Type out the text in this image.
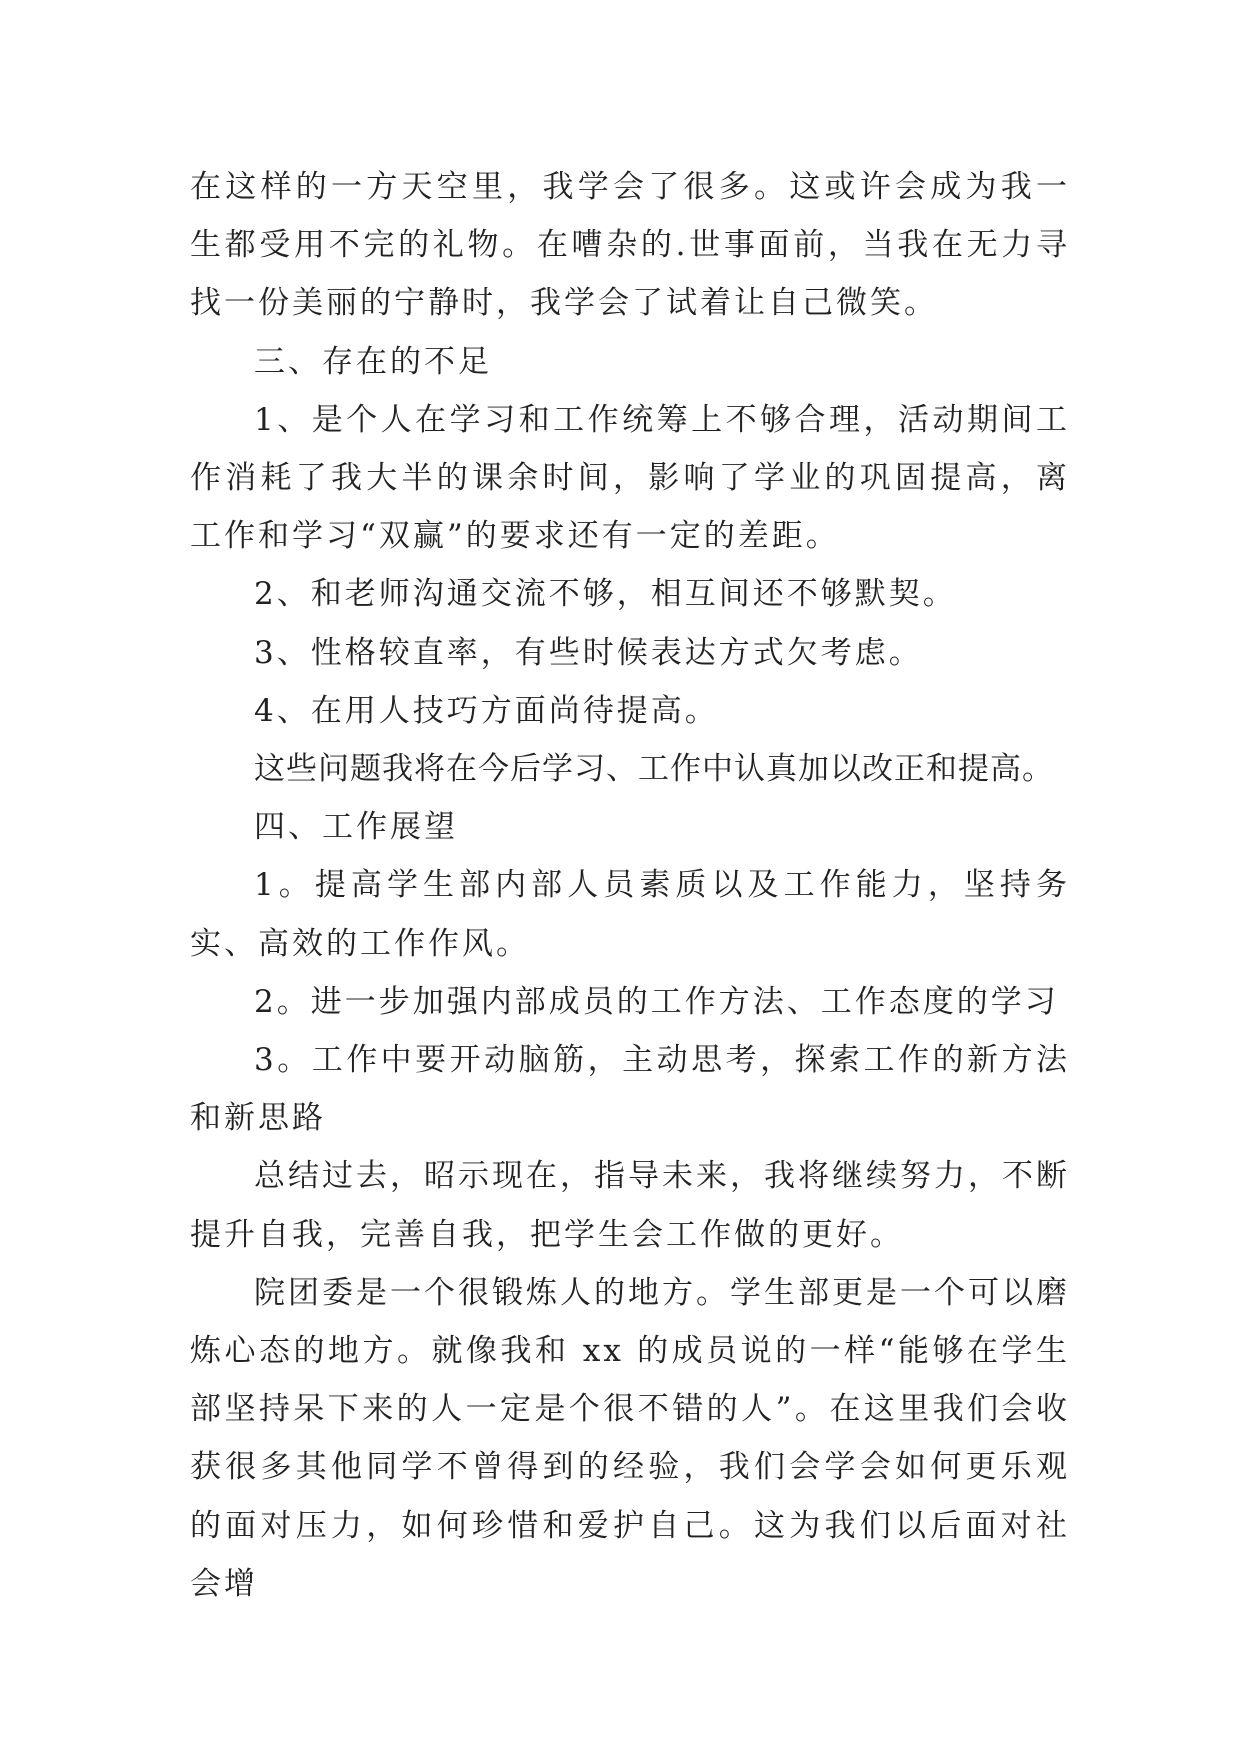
在这样的一方天空里，我学会了很多。这或许会成为我一生都受用不完的礼物。在嘈杂的.世事面前，当我在无力寻找一份美丽的宁静时，我学会了试着让自己微笑。

三、存在的不足

1、是个人在学习和工作统筹上不够合理，活动期间工作消耗了我大半的课余时间，影响了学业的巩固提高，离工作和学习“双赢”的要求还有一定的差距。

2、和老师沟通交流不够，相互间还不够默契。

3、性格较直率，有些时候表达方式欠考虑。

4、在用人技巧方面尚待提高。

这些问题我将在今后学习、工作中认真加以改正和提高。

四、工作展望

1。提高学生部内部人员素质以及工作能力，坚持务实、高效的工作作风。

2。进一步加强内部成员的工作方法、工作态度的学习

3。工作中要开动脑筋，主动思考，探索工作的新方法和新思路

总结过去，昭示现在，指导未来，我将继续努力，不断提升自我，完善自我，把学生会工作做的更好。

院团委是一个很锻炼人的地方。学生部更是一个可以磨炼心态的地方。就像我和 xx 的成员说的一样“能够在学生部坚持呆下来的人一定是个很不错的人”。在这里我们会收获很多其他同学不曾得到的经验，我们会学会如何更乐观的面对压力，如何珍惜和爱护自己。这为我们以后面对社会增
